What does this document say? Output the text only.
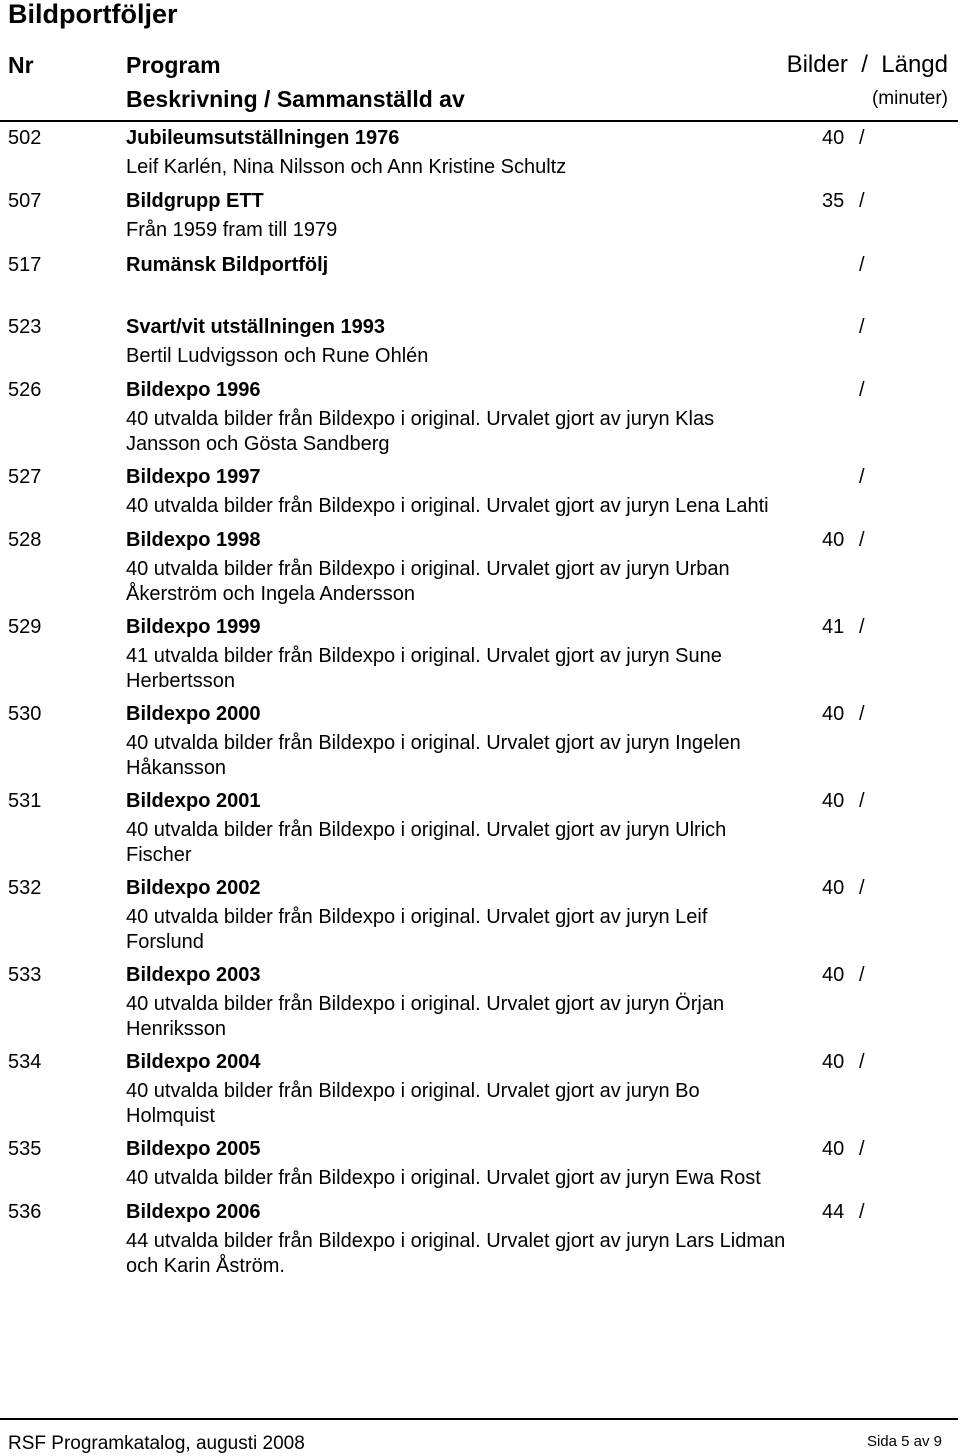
Bildportföljer
Nr	Program
Beskrivning / Sammanställd av
Bilder  /  Längd
(minuter)
502	Jubileumsutställningen 1976	40 /
Leif Karlén, Nina Nilsson och Ann Kristine Schultz
507	Bildgrupp ETT	35 /
Från 1959 fram till 1979
517	Rumänsk Bildportfölj	/
523	Svart/vit utställningen 1993	/
Bertil Ludvigsson och Rune Ohlén
526	Bildexpo 1996	/
40 utvalda bilder från Bildexpo i original. Urvalet gjort av juryn Klas Jansson och Gösta Sandberg
527	Bildexpo 1997	/
40 utvalda bilder från Bildexpo i original. Urvalet gjort av juryn Lena Lahti
528	Bildexpo 1998	40 /
40 utvalda bilder från Bildexpo i original. Urvalet gjort av juryn Urban Åkerström och Ingela Andersson
529	Bildexpo 1999	41 /
41 utvalda bilder från Bildexpo i original. Urvalet gjort av juryn Sune Herbertsson
530	Bildexpo 2000	40 /
40 utvalda bilder från Bildexpo i original. Urvalet gjort av juryn Ingelen Håkansson
531	Bildexpo 2001	40 /
40 utvalda bilder från Bildexpo i original. Urvalet gjort av juryn Ulrich Fischer
532	Bildexpo 2002	40 /
40 utvalda bilder från Bildexpo i original. Urvalet gjort av juryn Leif Forslund
533	Bildexpo 2003	40 /
40 utvalda bilder från Bildexpo i original. Urvalet gjort av juryn Örjan Henriksson
534	Bildexpo 2004	40 /
40 utvalda bilder från Bildexpo i original. Urvalet gjort av juryn Bo Holmquist
535	Bildexpo 2005	40 /
40 utvalda bilder från Bildexpo i original. Urvalet gjort av juryn Ewa Rost
536	Bildexpo 2006	44 /
44 utvalda bilder från Bildexpo i original. Urvalet gjort av juryn Lars Lidman och Karin Åström.
RSF Programkatalog, augusti 2008	Sida 5 av 9
